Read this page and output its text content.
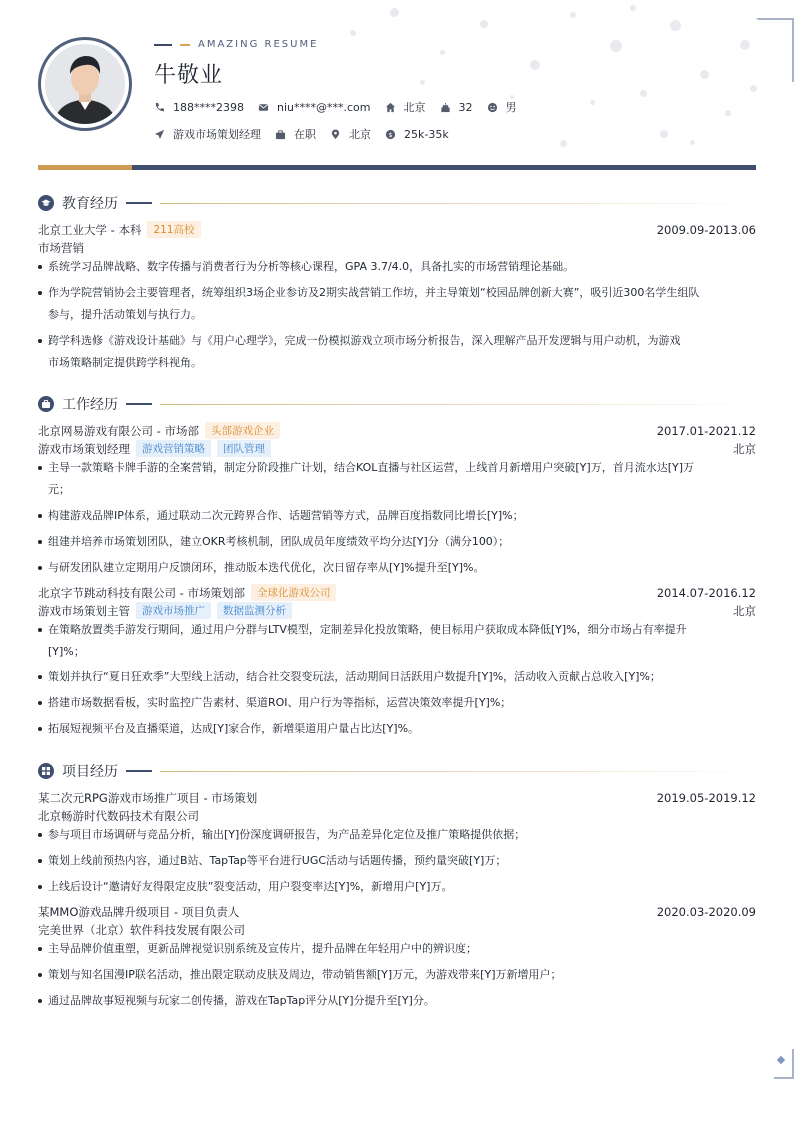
AMAZING RESUME
牛敬业
188****2398	niu****@***.com	北京	32	男
游戏市场策划经理	在职	北京 $ 25k-35k
教育经历
北京工业大学 - 本科	211高校	2009.09-2013.06
市场营销
系统学习品牌战略、数字传播与消费者行为分析等核心课程，GPA 3.7/4.0，具备扎实的市场营销理论基础。
作为学院营销协会主要管理者，统筹组织3场企业参访及2期实战营销工作坊，并主导策划“校园品牌创新大赛”，吸引近300名学生组队
参与，提升活动策划与执行力。
跨学科选修《游戏设计基础》与《用户心理学》，完成一份模拟游戏立项市场分析报告，深入理解产品开发逻辑与用户动机，为游戏
市场策略制定提供跨学科视角。
工作经历
北京网易游戏有限公司 - 市场部	头部游戏企业	2017.01-2021.12
游戏市场策划经理	游戏营销策略	团队管理	北京
主导一款策略卡牌手游的全案营销，制定分阶段推广计划，结合KOL直播与社区运营，上线首月新增用户突破[Y]万，首月流水达[Y]万
元；
构建游戏品牌IP体系，通过联动二次元跨界合作、话题营销等方式，品牌百度指数同比增长[Y]%；
组建并培养市场策划团队，建立OKR考核机制，团队成员年度绩效平均分达[Y]分（满分100）；
与研发团队建立定期用户反馈闭环，推动版本迭代优化，次日留存率从[Y]%提升至[Y]%。
北京字节跳动科技有限公司 - 市场策划部	全球化游戏公司	2014.07-2016.12
游戏市场策划主管	游戏市场推广	数据监测分析	北京
在策略放置类手游发行期间，通过用户分群与LTV模型，定制差异化投放策略，使目标用户获取成本降低[Y]%，细分市场占有率提升
[Y]%；
策划并执行“夏日狂欢季”大型线上活动，结合社交裂变玩法，活动期间日活跃用户数提升[Y]%，活动收入贡献占总收入[Y]%；
搭建市场数据看板，实时监控广告素材、渠道ROI、用户行为等指标，运营决策效率提升[Y]%；
拓展短视频平台及直播渠道，达成[Y]家合作，新增渠道用户量占比达[Y]%。
项目经历
某二次元RPG游戏市场推广项目 - 市场策划	2019.05-2019.12
北京畅游时代数码技术有限公司
参与项目市场调研与竞品分析，输出[Y]份深度调研报告，为产品差异化定位及推广策略提供依据；
策划上线前预热内容，通过B站、TapTap等平台进行UGC活动与话题传播，预约量突破[Y]万；
上线后设计“邀请好友得限定皮肤”裂变活动，用户裂变率达[Y]%，新增用户[Y]万。
某MMO游戏品牌升级项目 - 项目负责人	2020.03-2020.09
完美世界（北京）软件科技发展有限公司
主导品牌价值重塑，更新品牌视觉识别系统及宣传片，提升品牌在年轻用户中的辨识度；
策划与知名国漫IP联名活动，推出限定联动皮肤及周边，带动销售额[Y]万元，为游戏带来[Y]万新增用户；
通过品牌故事短视频与玩家二创传播，游戏在TapTap评分从[Y]分提升至[Y]分。
